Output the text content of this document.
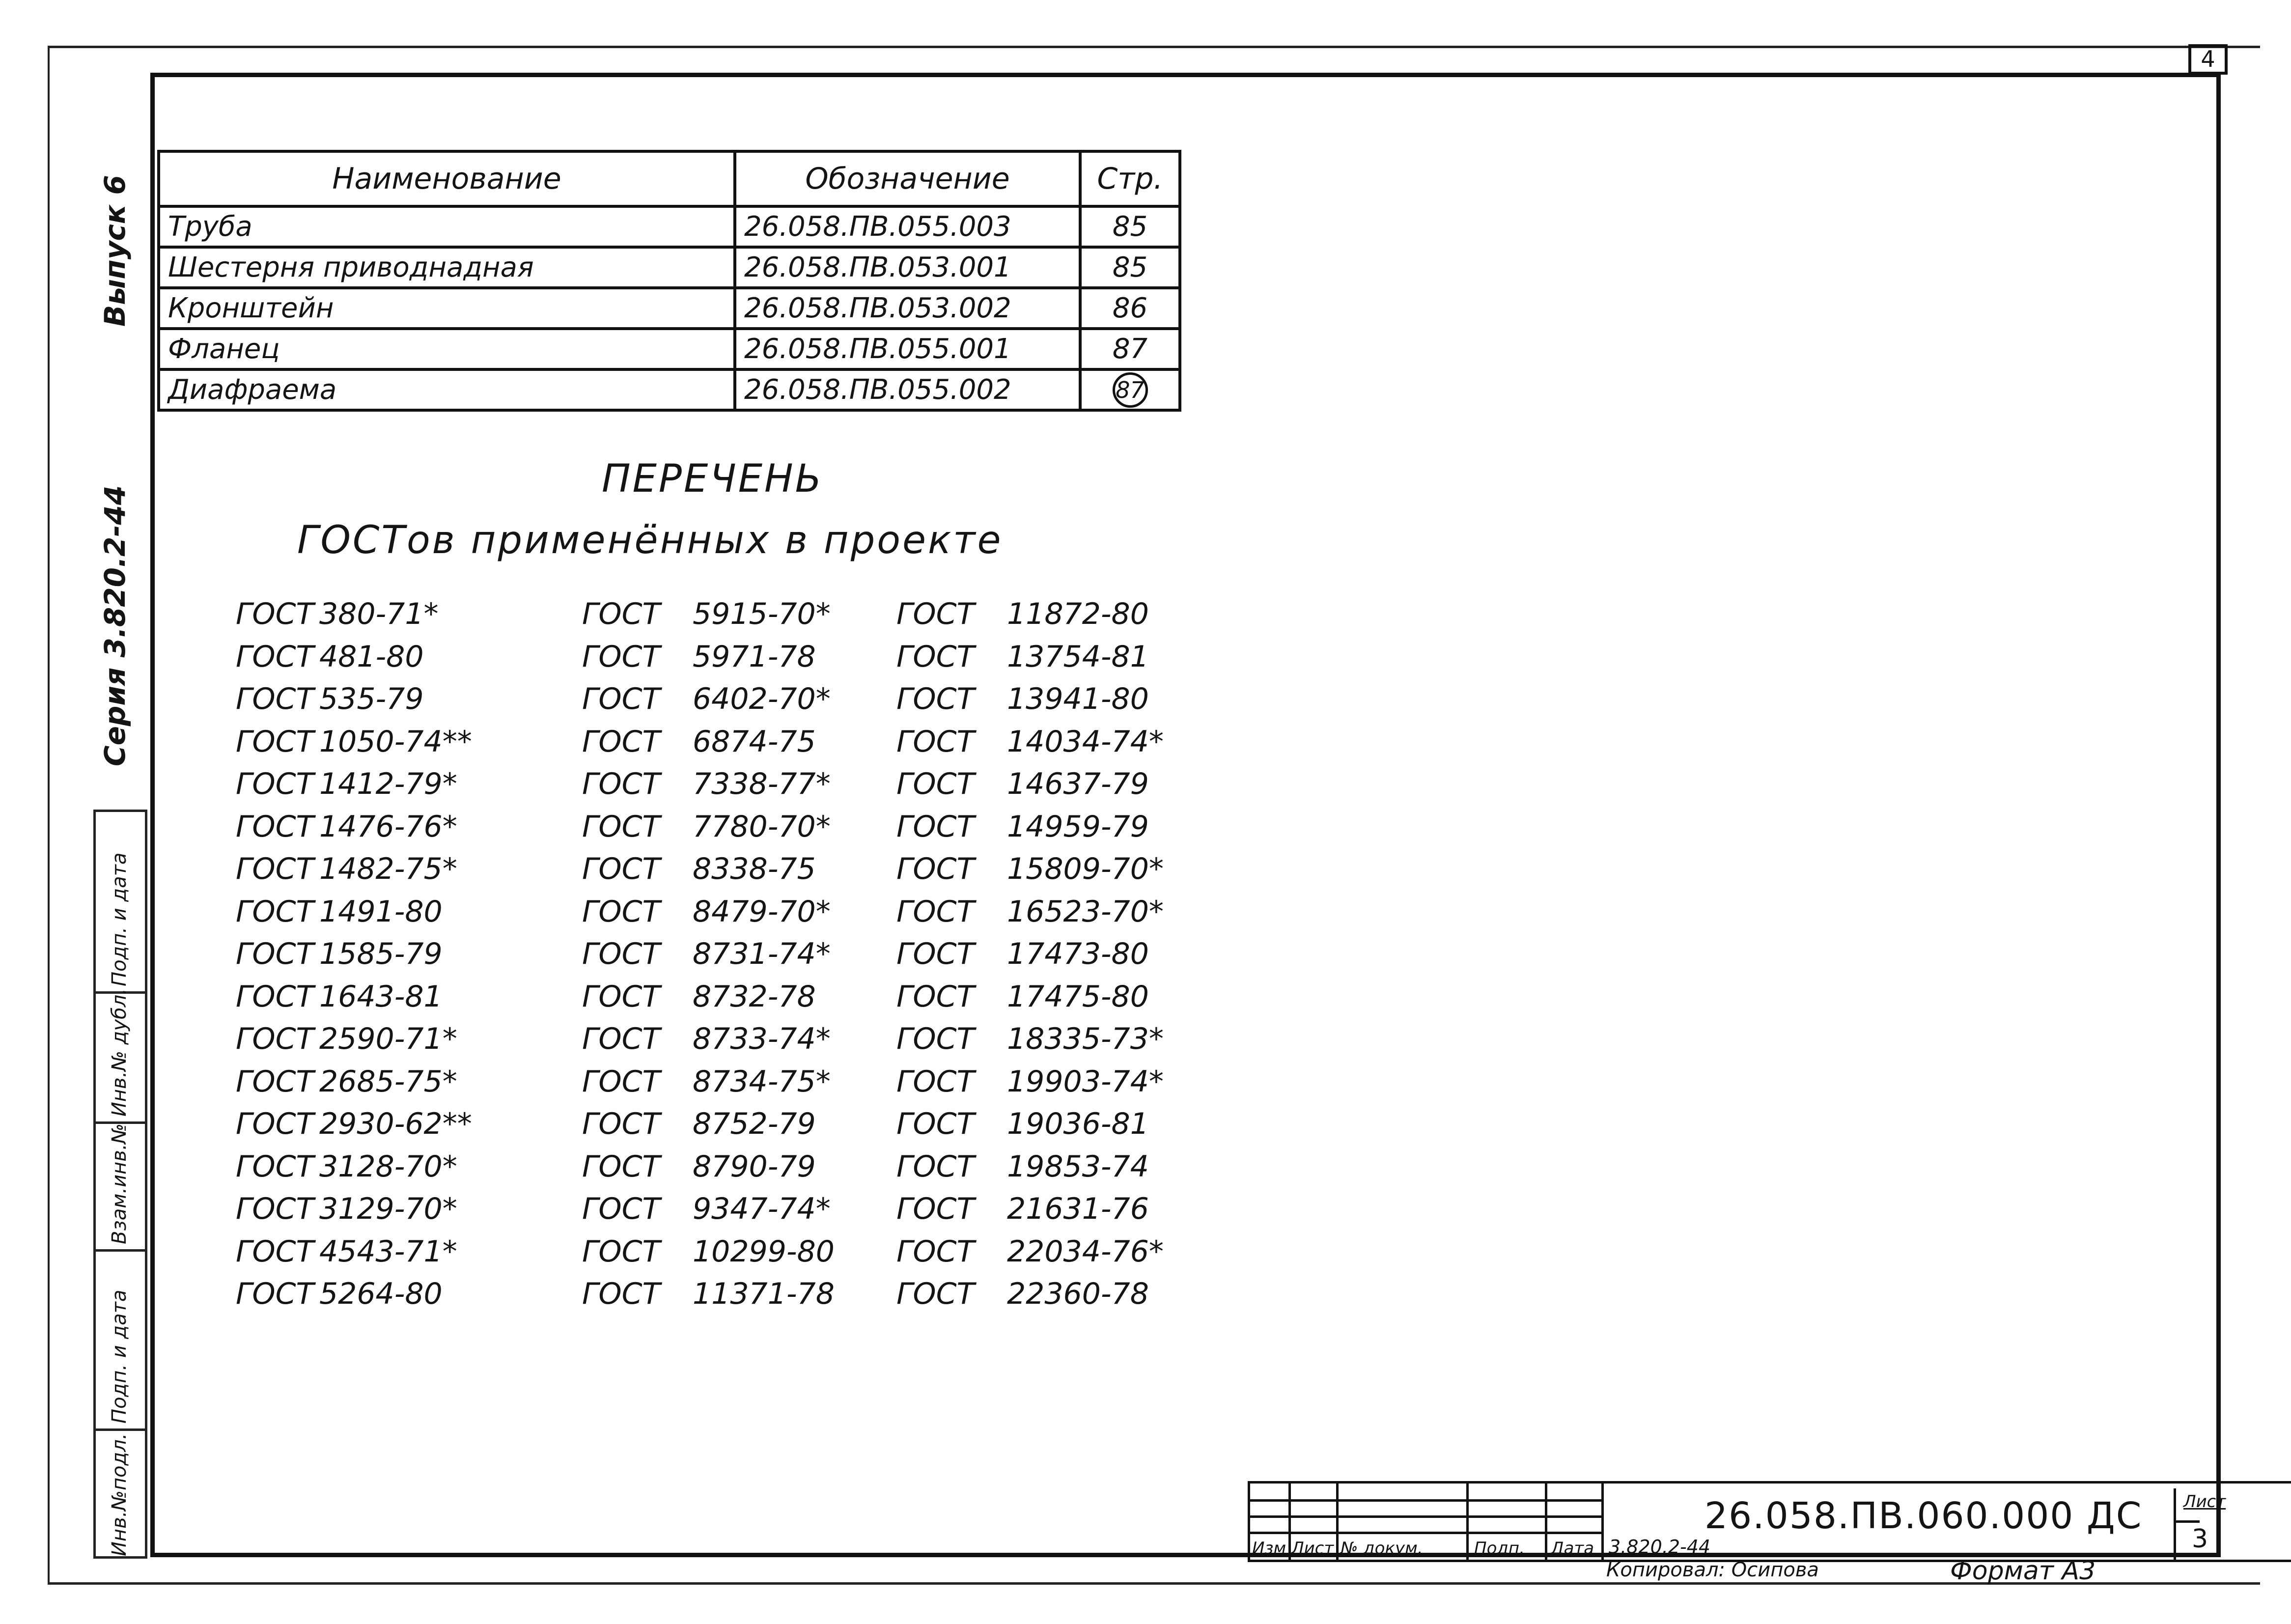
4
Выпуск 6
Серия 3.820.2-44
Инв.№подл.
Подп. и дата
Взам.инв.№
Инв.№ дубл.
Подп. и дата
Наименование	Обозначение	Стр.
Труба	26.058.ПВ.055.003	85
Шестерня приводнадная	26.058.ПВ.053.001	85
Кронштейн	26.058.ПВ.053.002	86
Фланец	26.058.ПВ.055.001	87
Диафраема	26.058.ПВ.055.002	87
ПЕРЕЧЕНЬ
ГОСТов применённых в проекте
ГОСТ 380-71*
ГОСТ 481-80
ГОСТ 535-79
ГОСТ 1050-74**
ГОСТ 1412-79*
ГОСТ 1476-76*
ГОСТ 1482-75*
ГОСТ 1491-80
ГОСТ 1585-79
ГОСТ 1643-81
ГОСТ 2590-71*
ГОСТ 2685-75*
ГОСТ 2930-62**
ГОСТ 3128-70*
ГОСТ 3129-70*
ГОСТ 4543-71*
ГОСТ 5264-80
ГОСТ 5915-70*
ГОСТ 5971-78
ГОСТ 6402-70*
ГОСТ 6874-75
ГОСТ 7338-77*
ГОСТ 7780-70*
ГОСТ 8338-75
ГОСТ 8479-70*
ГОСТ 8731-74*
ГОСТ 8732-78
ГОСТ 8733-74*
ГОСТ 8734-75*
ГОСТ 8752-79
ГОСТ 8790-79
ГОСТ 9347-74*
ГОСТ 10299-80
ГОСТ 11371-78
ГОСТ 11872-80
ГОСТ 13754-81
ГОСТ 13941-80
ГОСТ 14034-74*
ГОСТ 14637-79
ГОСТ 14959-79
ГОСТ 15809-70*
ГОСТ 16523-70*
ГОСТ 17473-80
ГОСТ 17475-80
ГОСТ 18335-73*
ГОСТ 19903-74*
ГОСТ 19036-81
ГОСТ 19853-74
ГОСТ 21631-76
ГОСТ 22034-76*
ГОСТ 22360-78
Изм Лист № докум.	Подп. Дата
26.058.ПВ.060.000 ДС
3.820.2-44
Лист
3
Копировал: Осипова	Формат А3
